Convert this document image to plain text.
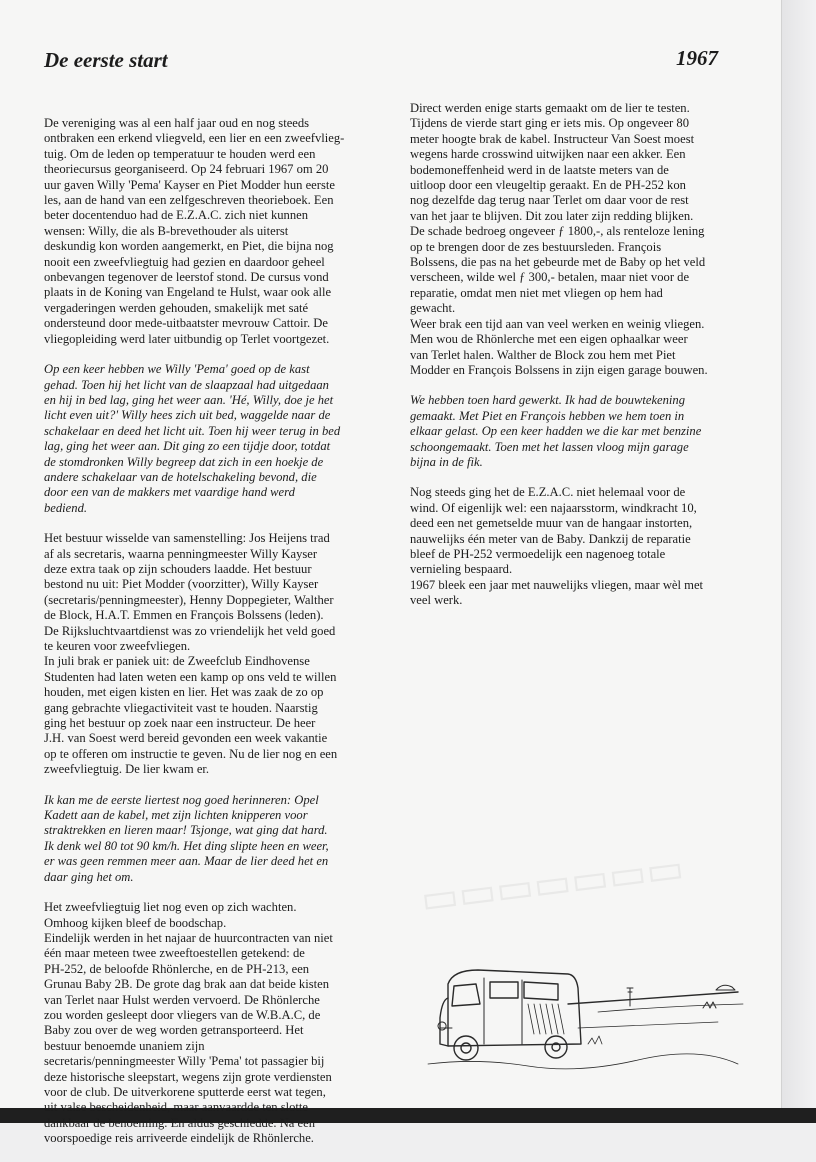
De eerste start	1967

De vereniging was al een half jaar oud en nog steeds
ontbraken een erkend vliegveld, een lier en een zweefvlieg-
tuig. Om de leden op temperatuur te houden werd een
theoriecursus georganiseerd. Op 24 februari 1967 om 20
uur gaven Willy 'Pema' Kayser en Piet Modder hun eerste
les, aan de hand van een zelfgeschreven theorieboek. Een
beter docentenduo had de E.Z.A.C. zich niet kunnen
wensen: Willy, die als B-brevethouder als uiterst
deskundig kon worden aangemerkt, en Piet, die bijna nog
nooit een zweefvliegtuig had gezien en daardoor geheel
onbevangen tegenover de leerstof stond. De cursus vond
plaats in de Koning van Engeland te Hulst, waar ook alle
vergaderingen werden gehouden, smakelijk met saté
ondersteund door mede-uitbaatster mevrouw Cattoir. De
vliegopleiding werd later uitbundig op Terlet voortgezet.

Op een keer hebben we Willy 'Pema' goed op de kast
gehad. Toen hij het licht van de slaapzaal had uitgedaan
en hij in bed lag, ging het weer aan. 'Hé, Willy, doe je het
licht even uit?' Willy hees zich uit bed, waggelde naar de
schakelaar en deed het licht uit. Toen hij weer terug in bed
lag, ging het weer aan. Dit ging zo een tijdje door, totdat
de stomdronken Willy begreep dat zich in een hoekje de
andere schakelaar van de hotelschakeling bevond, die
door een van de makkers met vaardige hand werd
bediend.

Het bestuur wisselde van samenstelling: Jos Heijens trad
af als secretaris, waarna penningmeester Willy Kayser
deze extra taak op zijn schouders laadde. Het bestuur
bestond nu uit: Piet Modder (voorzitter), Willy Kayser
(secretaris/penningmeester), Henny Doppegieter, Walther
de Block, H.A.T. Emmen en François Bolssens (leden).
De Rijksluchtvaartdienst was zo vriendelijk het veld goed
te keuren voor zweefvliegen.
In juli brak er paniek uit: de Zweefclub Eindhovense
Studenten had laten weten een kamp op ons veld te willen
houden, met eigen kisten en lier. Het was zaak de zo op
gang gebrachte vliegactiviteit vast te houden. Naarstig
ging het bestuur op zoek naar een instructeur. De heer
J.H. van Soest werd bereid gevonden een week vakantie
op te offeren om instructie te geven. Nu de lier nog en een
zweefvliegtuig. De lier kwam er.

Ik kan me de eerste liertest nog goed herinneren: Opel
Kadett aan de kabel, met zijn lichten knipperen voor
straktrekken en lieren maar! Tsjonge, wat ging dat hard.
Ik denk wel 80 tot 90 km/h. Het ding slipte heen en weer,
er was geen remmen meer aan. Maar de lier deed het en
daar ging het om.

Het zweefvliegtuig liet nog even op zich wachten.
Omhoog kijken bleef de boodschap.
Eindelijk werden in het najaar de huurcontracten van niet
één maar meteen twee zweeftoestellen getekend: de
PH-252, de beloofde Rhönlerche, en de PH-213, een
Grunau Baby 2B. De grote dag brak aan dat beide kisten
van Terlet naar Hulst werden vervoerd. De Rhönlerche
zou worden gesleept door vliegers van de W.B.A.C, de
Baby zou over de weg worden getransporteerd. Het
bestuur benoemde unaniem zijn
secretaris/penningmeester Willy 'Pema' tot passagier bij
deze historische sleepstart, wegens zijn grote verdiensten
voor de club. De uitverkorene sputterde eerst wat tegen,
uit valse bescheidenheid, maar aanvaardde ten slotte
dankbaar de benoeming. En aldus geschiedde. Na een
voorspoedige reis arriveerde eindelijk de Rhönlerche.

Direct werden enige starts gemaakt om de lier te testen.
Tijdens de vierde start ging er iets mis. Op ongeveer 80
meter hoogte brak de kabel. Instructeur Van Soest moest
wegens harde crosswind uitwijken naar een akker. Een
bodemoneffenheid werd in de laatste meters van de
uitloop door een vleugeltip geraakt. En de PH-252 kon
nog dezelfde dag terug naar Terlet om daar voor de rest
van het jaar te blijven. Dit zou later zijn redding blijken.
De schade bedroeg ongeveer ƒ 1800,-, als renteloze lening
op te brengen door de zes bestuursleden. François
Bolssens, die pas na het gebeurde met de Baby op het veld
verscheen, wilde wel ƒ 300,- betalen, maar niet voor de
reparatie, omdat men niet met vliegen op hem had
gewacht.
Weer brak een tijd aan van veel werken en weinig vliegen.
Men wou de Rhönlerche met een eigen ophaalkar weer
van Terlet halen. Walther de Block zou hem met Piet
Modder en François Bolssens in zijn eigen garage bouwen.

We hebben toen hard gewerkt. Ik had de bouwtekening
gemaakt. Met Piet en François hebben we hem toen in
elkaar gelast. Op een keer hadden we die kar met benzine
schoongemaakt. Toen met het lassen vloog mijn garage
bijna in de fik.

Nog steeds ging het de E.Z.A.C. niet helemaal voor de
wind. Of eigenlijk wel: een najaarsstorm, windkracht 10,
deed een net gemetselde muur van de hangaar instorten,
nauwelijks één meter van de Baby. Dankzij de reparatie
bleef de PH-252 vermoedelijk een nagenoeg totale
vernieling bespaard.
1967 bleek een jaar met nauwelijks vliegen, maar wèl met
veel werk.
